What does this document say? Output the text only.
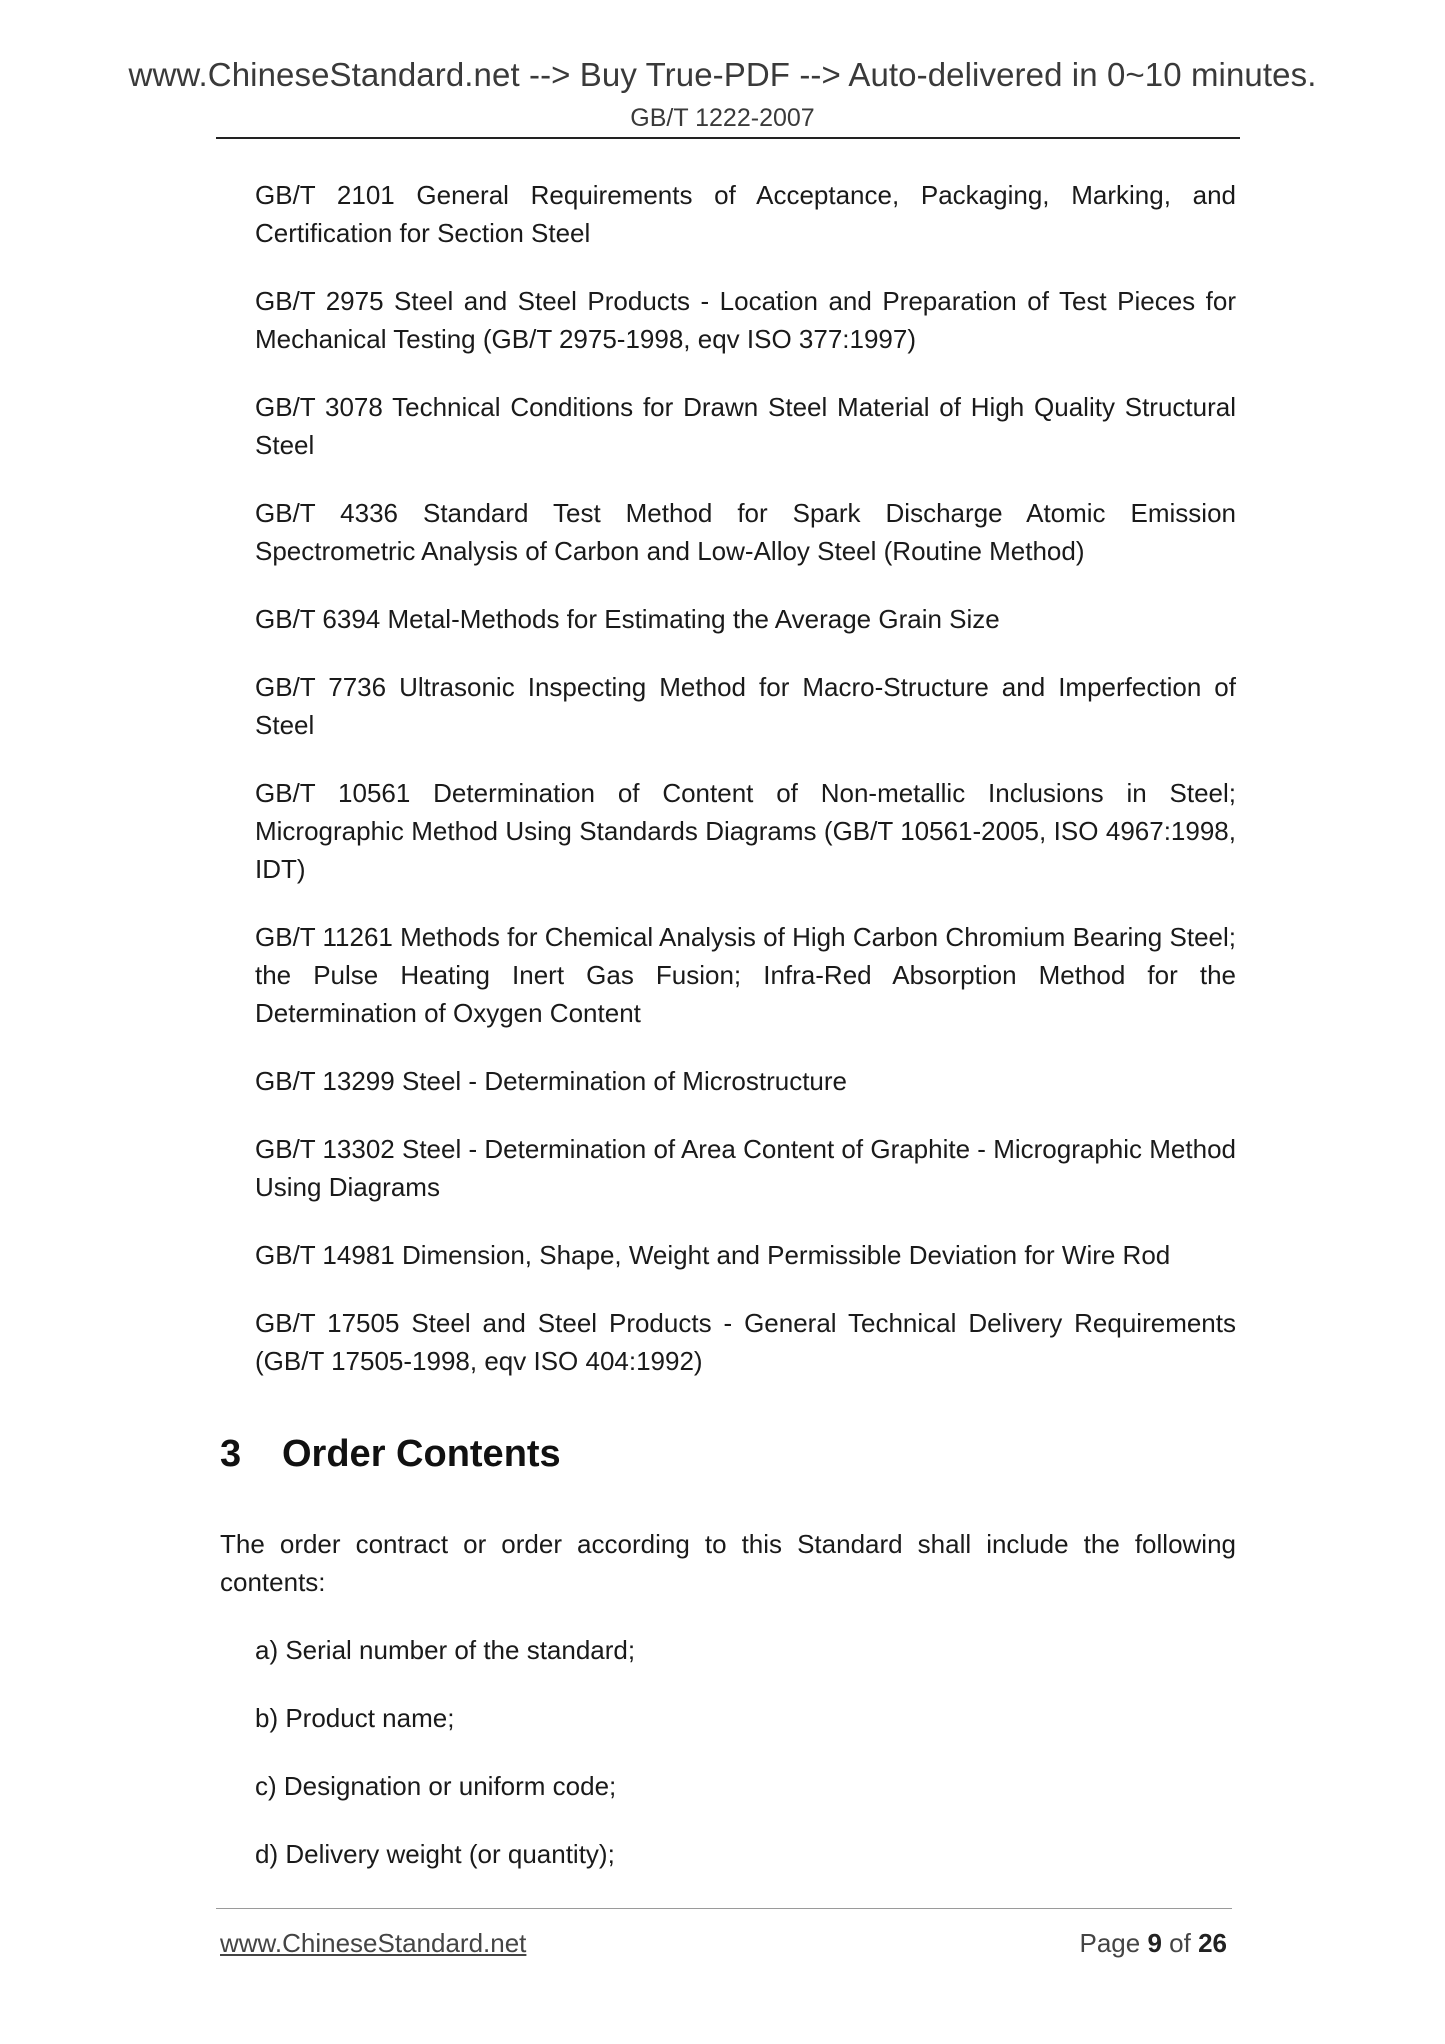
www.ChineseStandard.net --> Buy True-PDF --> Auto-delivered in 0~10 minutes.

GB/T 1222-2007

GB/T 2101 General Requirements of Acceptance, Packaging, Marking, and Certification for Section Steel

GB/T 2975 Steel and Steel Products - Location and Preparation of Test Pieces for Mechanical Testing (GB/T 2975-1998, eqv ISO 377:1997)

GB/T 3078 Technical Conditions for Drawn Steel Material of High Quality Structural Steel

GB/T 4336 Standard Test Method for Spark Discharge Atomic Emission Spectrometric Analysis of Carbon and Low-Alloy Steel (Routine Method)

GB/T 6394 Metal-Methods for Estimating the Average Grain Size

GB/T 7736 Ultrasonic Inspecting Method for Macro-Structure and Imperfection of Steel

GB/T 10561 Determination of Content of Non-metallic Inclusions in Steel; Micrographic Method Using Standards Diagrams (GB/T 10561-2005, ISO 4967:1998, IDT)

GB/T 11261 Methods for Chemical Analysis of High Carbon Chromium Bearing Steel; the Pulse Heating Inert Gas Fusion; Infra-Red Absorption Method for the Determination of Oxygen Content

GB/T 13299 Steel - Determination of Microstructure

GB/T 13302 Steel - Determination of Area Content of Graphite - Micrographic Method Using Diagrams

GB/T 14981 Dimension, Shape, Weight and Permissible Deviation for Wire Rod

GB/T 17505 Steel and Steel Products - General Technical Delivery Requirements (GB/T 17505-1998, eqv ISO 404:1992)

3 Order Contents

The order contract or order according to this Standard shall include the following contents:

a) Serial number of the standard;
b) Product name;
c) Designation or uniform code;
d) Delivery weight (or quantity);
www.ChineseStandard.net	Page 9 of 26
